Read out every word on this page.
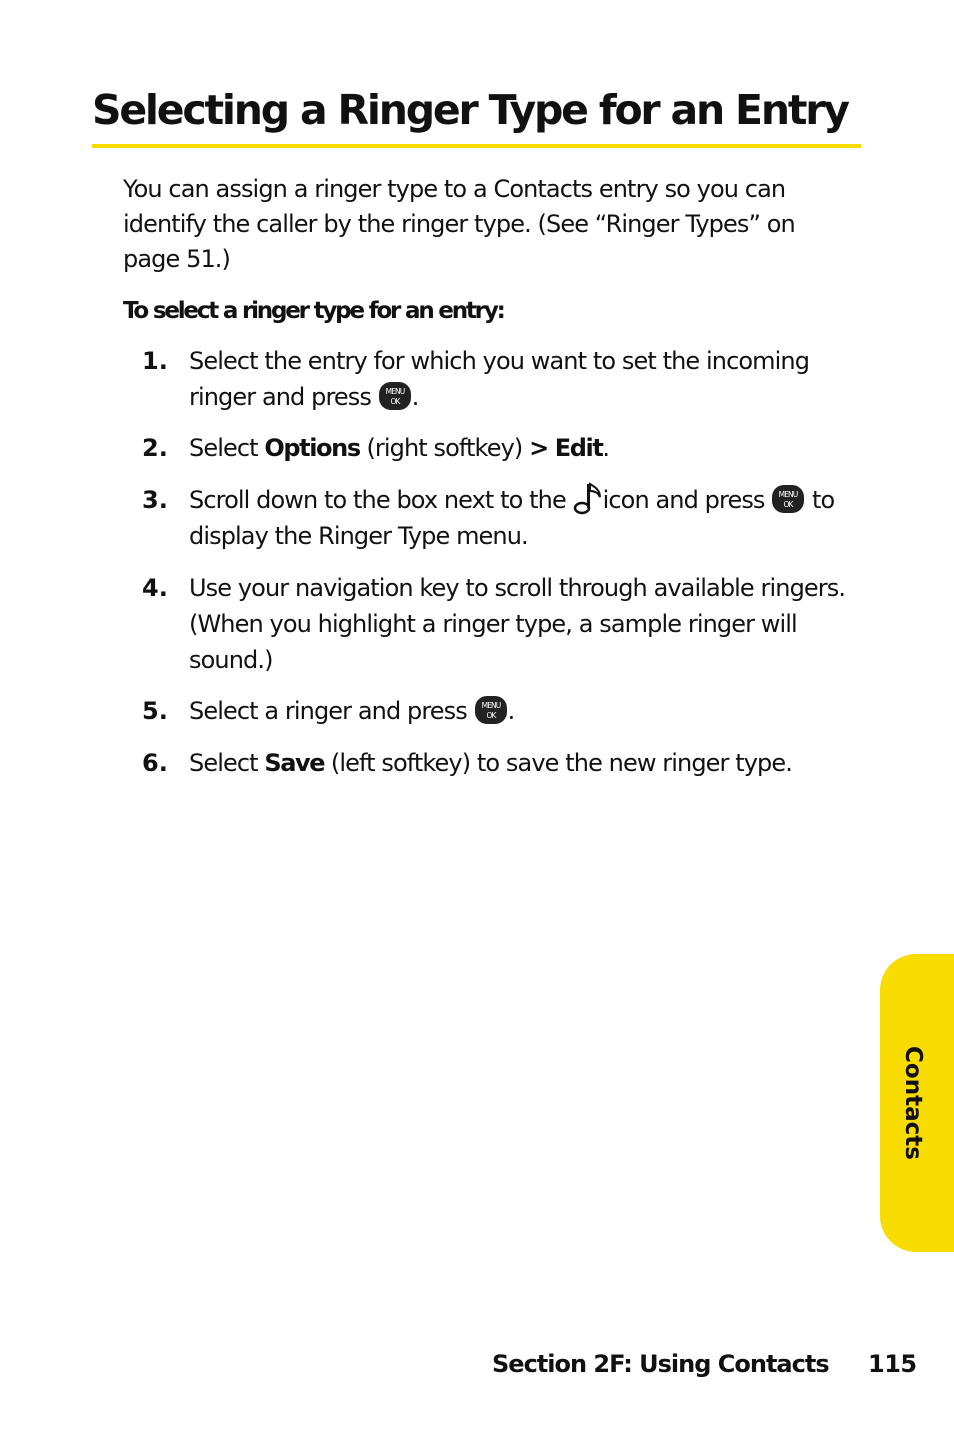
Selecting a Ringer Type for an Entry

You can assign a ringer type to a Contacts entry so you can identify the caller by the ringer type. (See “Ringer Types” on page 51.)

To select a ringer type for an entry:

1. Select the entry for which you want to set the incoming ringer and press MENU
OK .
2. Select Options (right softkey) > Edit.
3. Scroll down to the box next to the icon and press MENU
OK to display the Ringer Type menu.
4. Use your navigation key to scroll through available ringers. (When you highlight a ringer type, a sample ringer will sound.)
5. Select a ringer and press MENU
OK .
6. Select Save (left softkey) to save the new ringer type.
Contacts
Section 2F: Using Contacts 115
